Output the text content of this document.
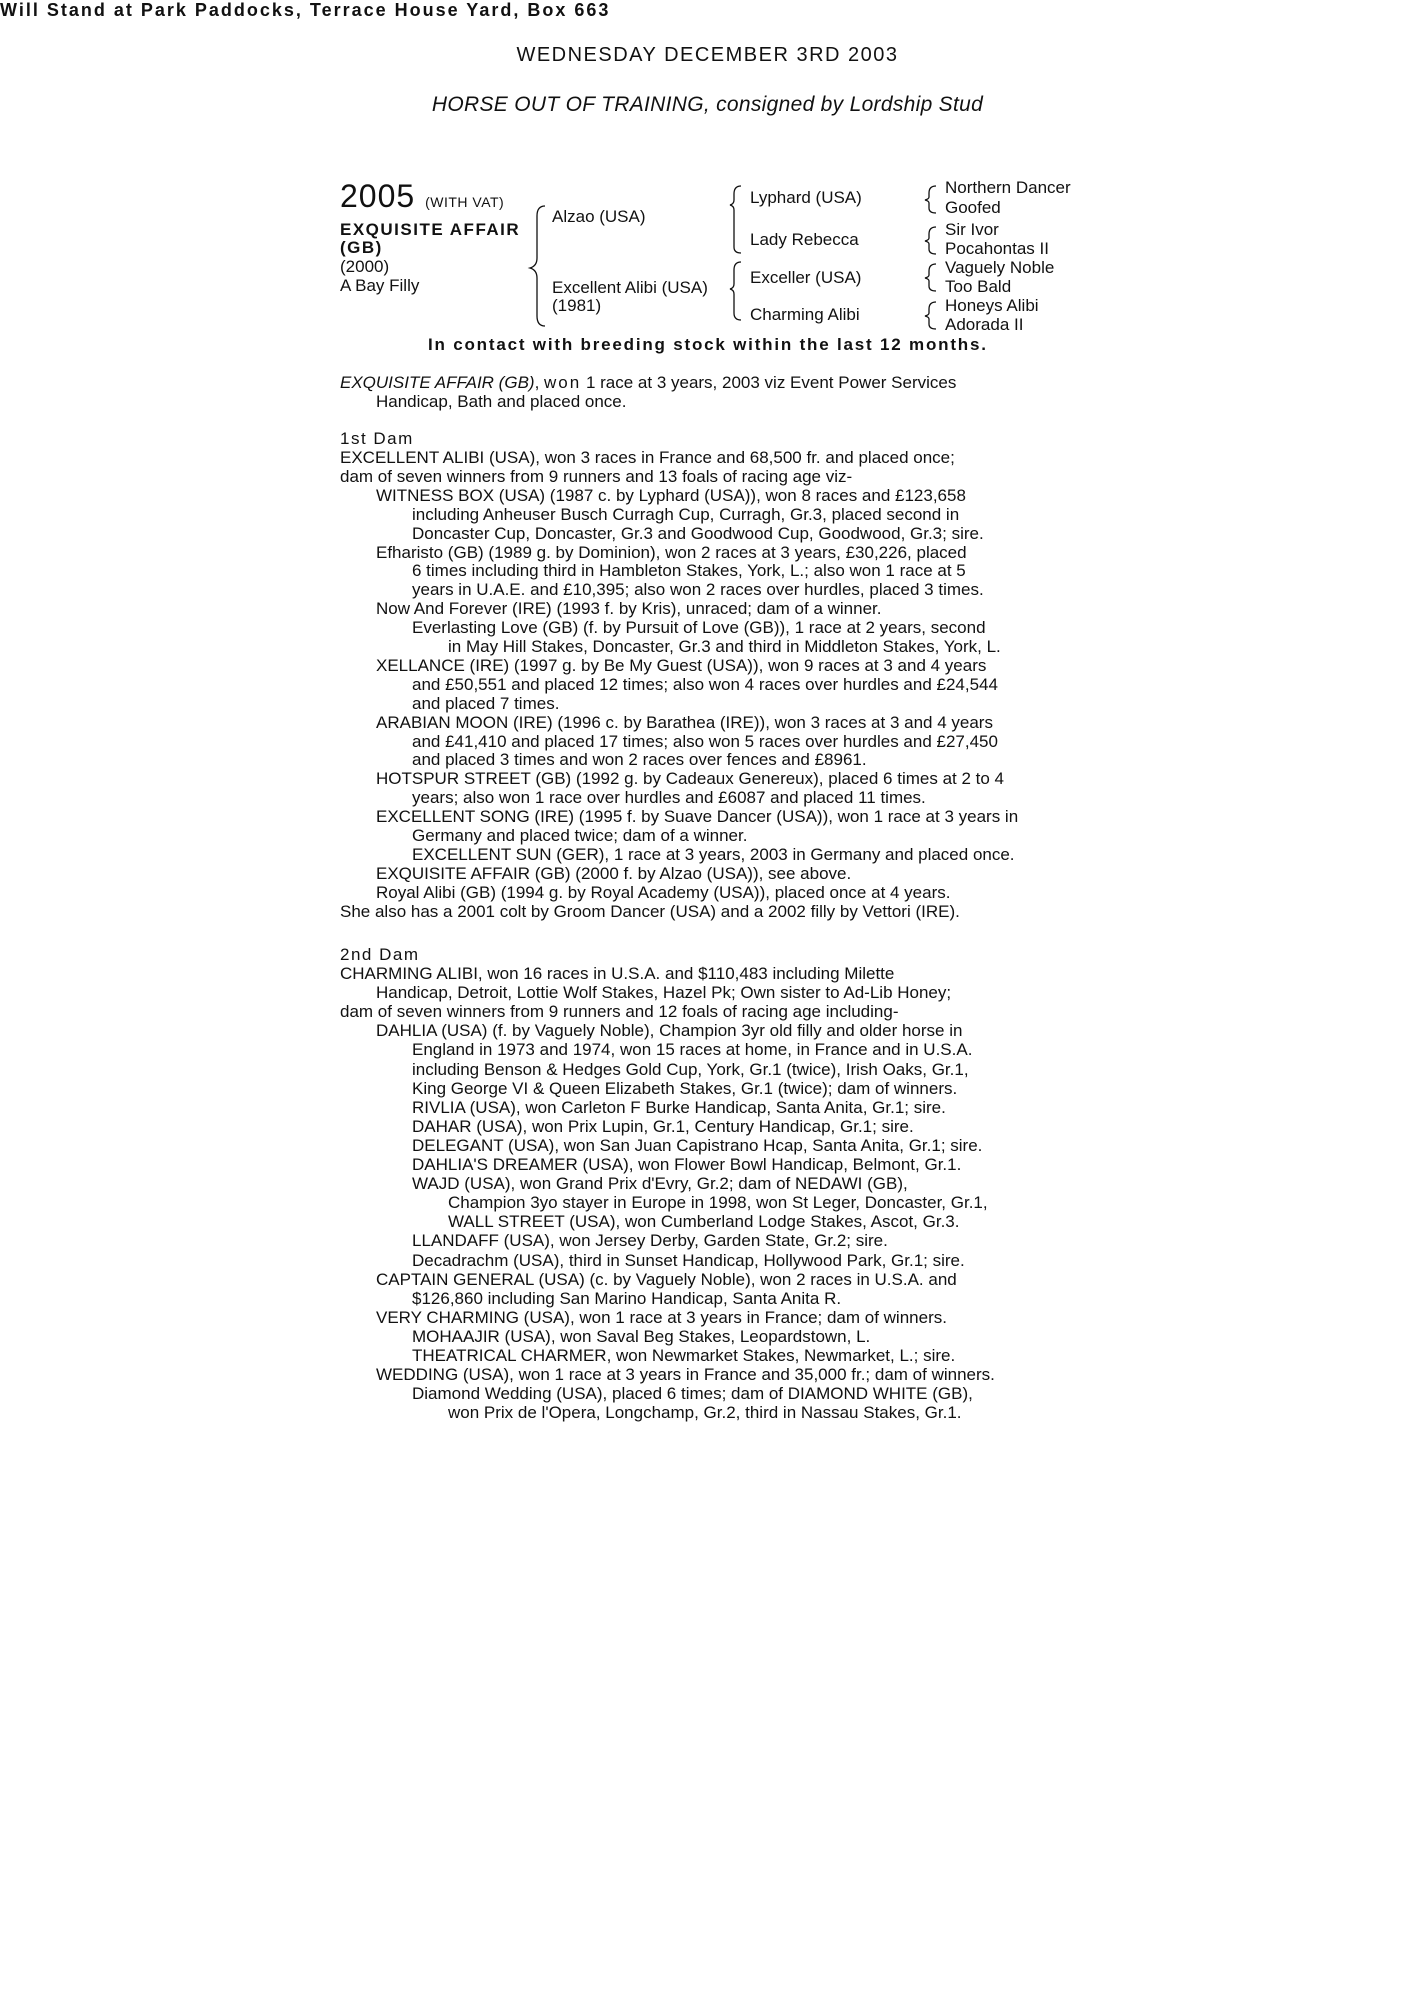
WEDNESDAY DECEMBER 3RD 2003
HORSE OUT OF TRAINING, consigned by Lordship Stud
Will Stand at Park Paddocks, Terrace House Yard, Box 663
2005 (WITH VAT)
EXQUISITE AFFAIR
(GB)
(2000)
A Bay Filly
Alzao (USA)
Excellent Alibi (USA)
(1981)
Lyphard (USA)
Lady Rebecca
Exceller (USA)
Charming Alibi
Northern Dancer
Goofed
Sir Ivor
Pocahontas II
Vaguely Noble
Too Bald
Honeys Alibi
Adorada II
In contact with breeding stock within the last 12 months.
EXQUISITE AFFAIR (GB), won 1 race at 3 years, 2003 viz Event Power Services
Handicap, Bath and placed once.
1st Dam
EXCELLENT ALIBI (USA), won 3 races in France and 68,500 fr. and placed once;
dam of seven winners from 9 runners and 13 foals of racing age viz-
WITNESS BOX (USA) (1987 c. by Lyphard (USA)), won 8 races and £123,658
including Anheuser Busch Curragh Cup, Curragh, Gr.3, placed second in
Doncaster Cup, Doncaster, Gr.3 and Goodwood Cup, Goodwood, Gr.3; sire.
Efharisto (GB) (1989 g. by Dominion), won 2 races at 3 years, £30,226, placed
6 times including third in Hambleton Stakes, York, L.; also won 1 race at 5
years in U.A.E. and £10,395; also won 2 races over hurdles, placed 3 times.
Now And Forever (IRE) (1993 f. by Kris), unraced; dam of a winner.
Everlasting Love (GB) (f. by Pursuit of Love (GB)), 1 race at 2 years, second
in May Hill Stakes, Doncaster, Gr.3 and third in Middleton Stakes, York, L.
XELLANCE (IRE) (1997 g. by Be My Guest (USA)), won 9 races at 3 and 4 years
and £50,551 and placed 12 times; also won 4 races over hurdles and £24,544
and placed 7 times.
ARABIAN MOON (IRE) (1996 c. by Barathea (IRE)), won 3 races at 3 and 4 years
and £41,410 and placed 17 times; also won 5 races over hurdles and £27,450
and placed 3 times and won 2 races over fences and £8961.
HOTSPUR STREET (GB) (1992 g. by Cadeaux Genereux), placed 6 times at 2 to 4
years; also won 1 race over hurdles and £6087 and placed 11 times.
EXCELLENT SONG (IRE) (1995 f. by Suave Dancer (USA)), won 1 race at 3 years in
Germany and placed twice; dam of a winner.
EXCELLENT SUN (GER), 1 race at 3 years, 2003 in Germany and placed once.
EXQUISITE AFFAIR (GB) (2000 f. by Alzao (USA)), see above.
Royal Alibi (GB) (1994 g. by Royal Academy (USA)), placed once at 4 years.
She also has a 2001 colt by Groom Dancer (USA) and a 2002 filly by Vettori (IRE).
2nd Dam
CHARMING ALIBI, won 16 races in U.S.A. and $110,483 including Milette
Handicap, Detroit, Lottie Wolf Stakes, Hazel Pk; Own sister to Ad-Lib Honey;
dam of seven winners from 9 runners and 12 foals of racing age including-
DAHLIA (USA) (f. by Vaguely Noble), Champion 3yr old filly and older horse in
England in 1973 and 1974, won 15 races at home, in France and in U.S.A.
including Benson & Hedges Gold Cup, York, Gr.1 (twice), Irish Oaks, Gr.1,
King George VI & Queen Elizabeth Stakes, Gr.1 (twice); dam of winners.
RIVLIA (USA), won Carleton F Burke Handicap, Santa Anita, Gr.1; sire.
DAHAR (USA), won Prix Lupin, Gr.1, Century Handicap, Gr.1; sire.
DELEGANT (USA), won San Juan Capistrano Hcap, Santa Anita, Gr.1; sire.
DAHLIA'S DREAMER (USA), won Flower Bowl Handicap, Belmont, Gr.1.
WAJD (USA), won Grand Prix d'Evry, Gr.2; dam of NEDAWI (GB),
Champion 3yo stayer in Europe in 1998, won St Leger, Doncaster, Gr.1,
WALL STREET (USA), won Cumberland Lodge Stakes, Ascot, Gr.3.
LLANDAFF (USA), won Jersey Derby, Garden State, Gr.2; sire.
Decadrachm (USA), third in Sunset Handicap, Hollywood Park, Gr.1; sire.
CAPTAIN GENERAL (USA) (c. by Vaguely Noble), won 2 races in U.S.A. and
$126,860 including San Marino Handicap, Santa Anita R.
VERY CHARMING (USA), won 1 race at 3 years in France; dam of winners.
MOHAAJIR (USA), won Saval Beg Stakes, Leopardstown, L.
THEATRICAL CHARMER, won Newmarket Stakes, Newmarket, L.; sire.
WEDDING (USA), won 1 race at 3 years in France and 35,000 fr.; dam of winners.
Diamond Wedding (USA), placed 6 times; dam of DIAMOND WHITE (GB),
won Prix de l'Opera, Longchamp, Gr.2, third in Nassau Stakes, Gr.1.
